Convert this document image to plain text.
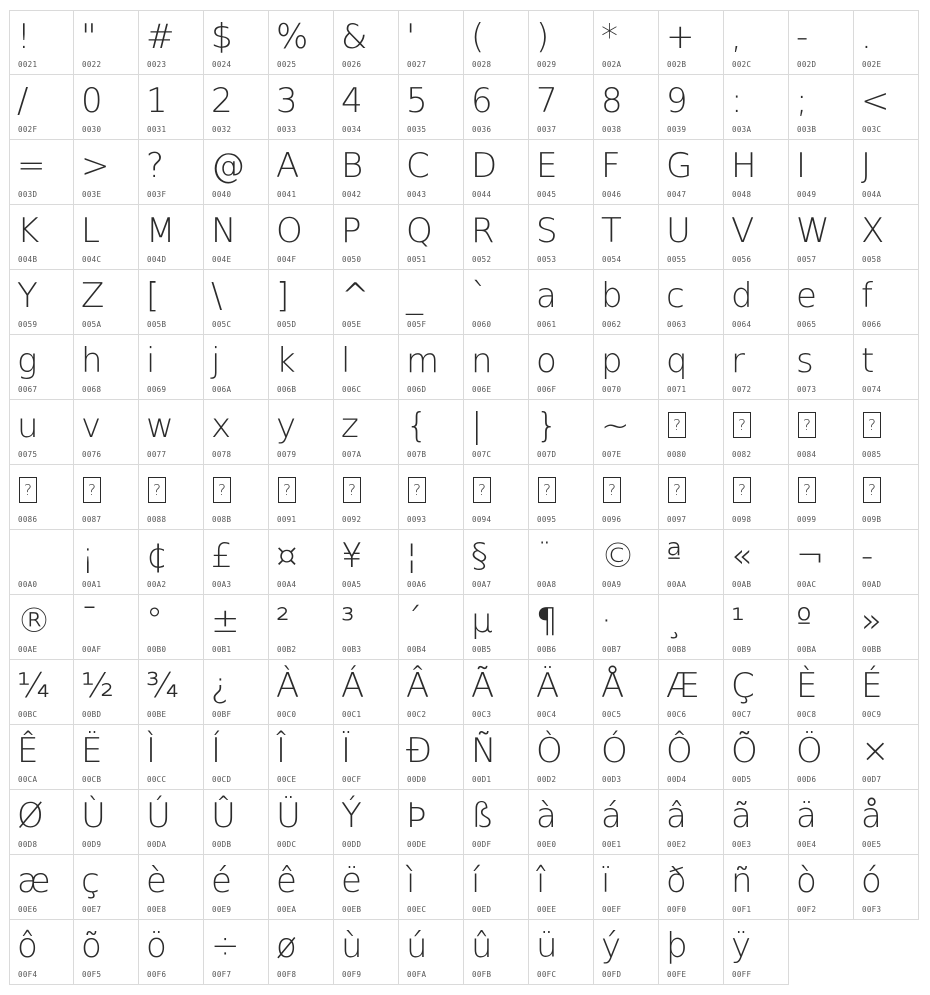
!
0021
"
0022
#
0023
$
0024
%
0025
&
0026
'
0027
(
0028
)
0029
*
002A
+
002B
,
002C
-
002D
.
002E
/
002F
0
0030
1
0031
2
0032
3
0033
4
0034
5
0035
6
0036
7
0037
8
0038
9
0039
:
003A
;
003B
<
003C
=
003D
>
003E
?
003F
@
0040
A
0041
B
0042
C
0043
D
0044
E
0045
F
0046
G
0047
H
0048
I
0049
J
004A
K
004B
L
004C
M
004D
N
004E
O
004F
P
0050
Q
0051
R
0052
S
0053
T
0054
U
0055
V
0056
W
0057
X
0058
Y
0059
Z
005A
[
005B
\
005C
]
005D
^
005E
_
005F
`
0060
a
0061
b
0062
c
0063
d
0064
e
0065
f
0066
g
0067
h
0068
i
0069
j
006A
k
006B
l
006C
m
006D
n
006E
o
006F
p
0070
q
0071
r
0072
s
0073
t
0074
u
0075
v
0076
w
0077
x
0078
y
0079
z
007A
{
007B
|
007C
}
007D
~
007E
?
0080
?
0082
?
0084
?
0085
?
0086
?
0087
?
0088
?
008B
?
0091
?
0092
?
0093
?
0094
?
0095
?
0096
?
0097
?
0098
?
0099
?
009B
00A0
¡
00A1
¢
00A2
£
00A3
¤
00A4
¥
00A5
¦
00A6
§
00A7
¨
00A8
©
00A9
ª
00AA
«
00AB
¬
00AC
-
00AD
®
00AE
¯
00AF
°
00B0
±
00B1
²
00B2
³
00B3
´
00B4
µ
00B5
¶
00B6
·
00B7
¸
00B8
¹
00B9
º
00BA
»
00BB
¼
00BC
½
00BD
¾
00BE
¿
00BF
À
00C0
Á
00C1
Â
00C2
Ã
00C3
Ä
00C4
Å
00C5
Æ
00C6
Ç
00C7
È
00C8
É
00C9
Ê
00CA
Ë
00CB
Ì
00CC
Í
00CD
Î
00CE
Ï
00CF
Ð
00D0
Ñ
00D1
Ò
00D2
Ó
00D3
Ô
00D4
Õ
00D5
Ö
00D6
×
00D7
Ø
00D8
Ù
00D9
Ú
00DA
Û
00DB
Ü
00DC
Ý
00DD
Þ
00DE
ß
00DF
à
00E0
á
00E1
â
00E2
ã
00E3
ä
00E4
å
00E5
æ
00E6
ç
00E7
è
00E8
é
00E9
ê
00EA
ë
00EB
ì
00EC
í
00ED
î
00EE
ï
00EF
ð
00F0
ñ
00F1
ò
00F2
ó
00F3
ô
00F4
õ
00F5
ö
00F6
÷
00F7
ø
00F8
ù
00F9
ú
00FA
û
00FB
ü
00FC
ý
00FD
þ
00FE
ÿ
00FF
